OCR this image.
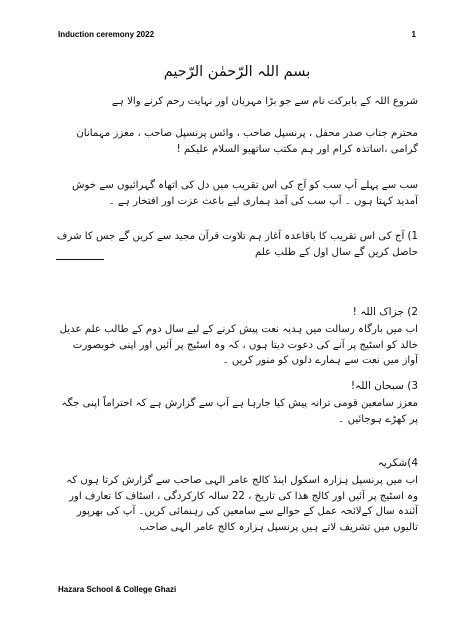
Induction ceremony 2022	1
بسم اللہ الرّحمٰن الرّحیم
شروع اللہ کے بابرکت نام سے جو بڑا مہربان اور نہایت رحم کرنے والا ہے
محترم جناب صدر محفل ، پرنسپل صاحب ، وائس پرنسپل صاحب ، معزز مہمانان گرامی ،اساتذہ کرام اور ہم مکتب ساتھیو السلام علیکم !
سب سے پہلے آپ سب کو آج کی اس تقریب میں دل کی اتھاہ گہرائیوں سے خوش آمدید کہتا ہوں ۔ آپ سب کی آمد ہماری لیے باعث عزت اور افتخار ہے ۔
1) آج کی اس تقریب کا باقاعدہ آغاز ہم تلاوت قرآن مجید سے کریں گے جس کا شرف حاصل کریں گے سال اول کے طلب علم
2) جزاک اللہ !
اب میں بارگاہ رسالت میں ہدیہ نعت پیش کرنے کے لیے سال دوم کے طالب علم عدیل خالد کو اسٹیج پر آنے کی دعوت دیتا ہوں ، کہ وہ اسٹیج پر آئیں اور اپنی خوبصورت آواز میں نعت سے ہمارے دلوں کو منور کریں ۔
3) سبحان اللہ!
معزز سامعین قومی ترانہ پیش کیا جارہا ہے آپ سے گزارش ہے کہ احتراماً اپنی جگہ پر کھڑے ہوجائیں ۔
4)شکریہ
اب میں پرنسپل ہزارہ اسکول اینڈ کالج عامر الہی صاحب سے گزارش کرتا ہوں کہ وہ اسٹیج پر آئیں اور کالج ھذا کی تاریخ ، 22 سالہ کارکردگی ، اسٹاف کا تعارف اور آئندہ سال کےلائحہ عمل کے حوالے سے سامعین کی رہنمائی کریں۔ آپ کی بھرپور تالیوں میں تشریف لاتے ہیں پرنسپل ہزارہ کالج عامر الہی صاحب
Hazara School & College Ghazi
